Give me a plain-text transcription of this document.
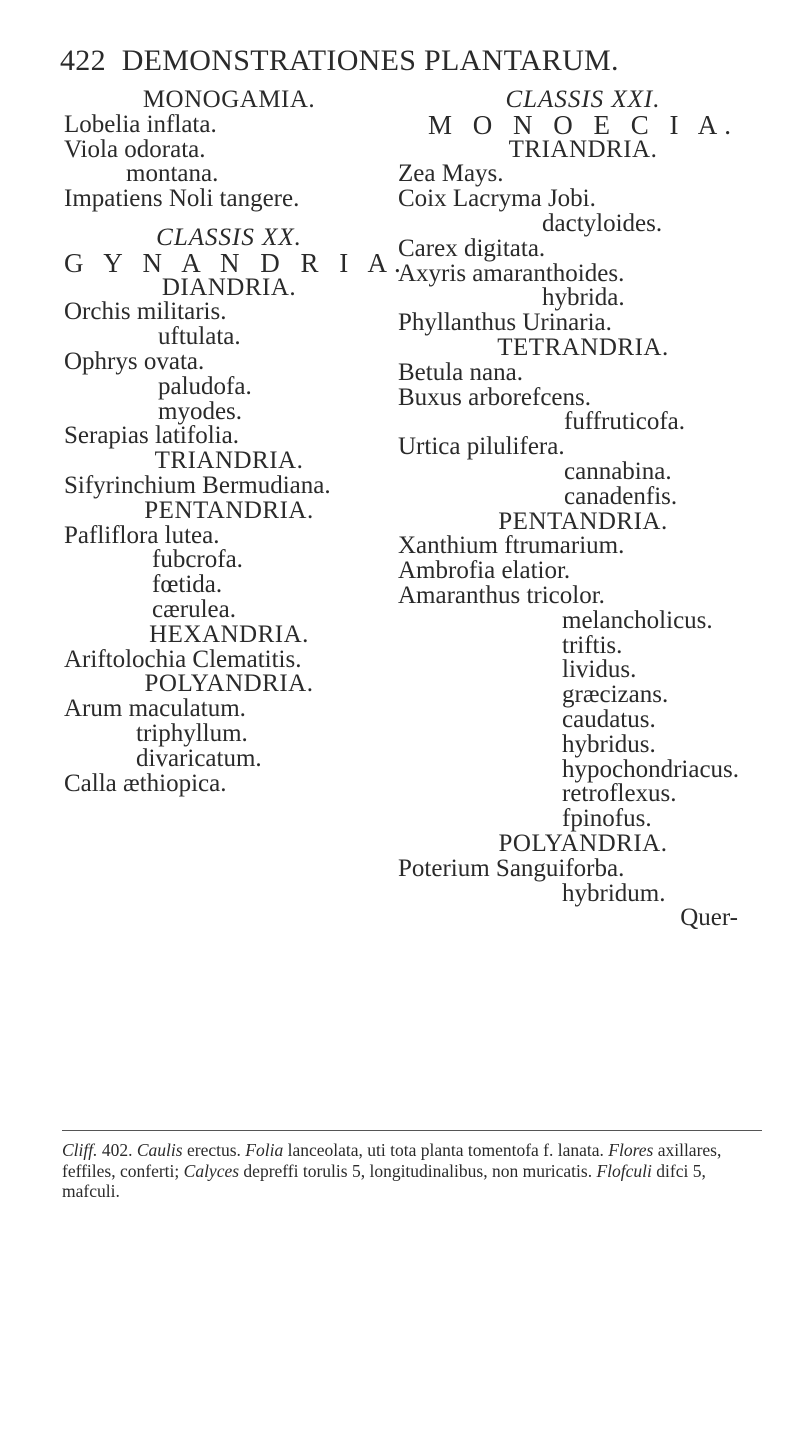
422 DEMONSTRATIONES PLANTARUM.
MONOGAMIA.
Lobelia inflata.
Viola odorata.
montana.
Impatiens Noli tangere.
CLASSIS XX.
G Y N A N D R I A.
DIANDRIA.
Orchis militaris.
uftulata.
Ophrys ovata.
paludofa.
myodes.
Serapias latifolia.
TRIANDRIA.
Sifyrinchium Bermudiana.
PENTANDRIA.
Pafliflora lutea.
fubcrofa.
fœtida.
cærulea.
HEXANDRIA.
Ariftolochia Clematitis.
POLYANDRIA.
Arum maculatum.
triphyllum.
divaricatum.
Calla æthiopica.
CLASSIS XXI.
M O N O E C I A.
TRIANDRIA.
Zea Mays.
Coix Lacryma Jobi.
dactyloides.
Carex digitata.
Axyris amaranthoides.
hybrida.
Phyllanthus Urinaria.
TETRANDRIA.
Betula nana.
Buxus arborefcens.
fuffruticofa.
Urtica pilulifera.
cannabina.
canadenfis.
PENTANDRIA.
Xanthium ftrumarium.
Ambrofia elatior.
Amaranthus tricolor.
melancholicus.
triftis.
lividus.
græcizans.
caudatus.
hybridus.
hypochondriacus.
retroflexus.
fpinofus.
POLYANDRIA.
Poterium Sanguiforba.
hybridum.
Quer-
Cliff. 402. Caulis erectus. Folia lanceolata, uti tota planta tomentofa f. lanata. Flores axillares, feffiles, conferti; Calyces depreffi torulis 5, longitudinalibus, non muricatis. Flofculi difci 5, mafculi.
